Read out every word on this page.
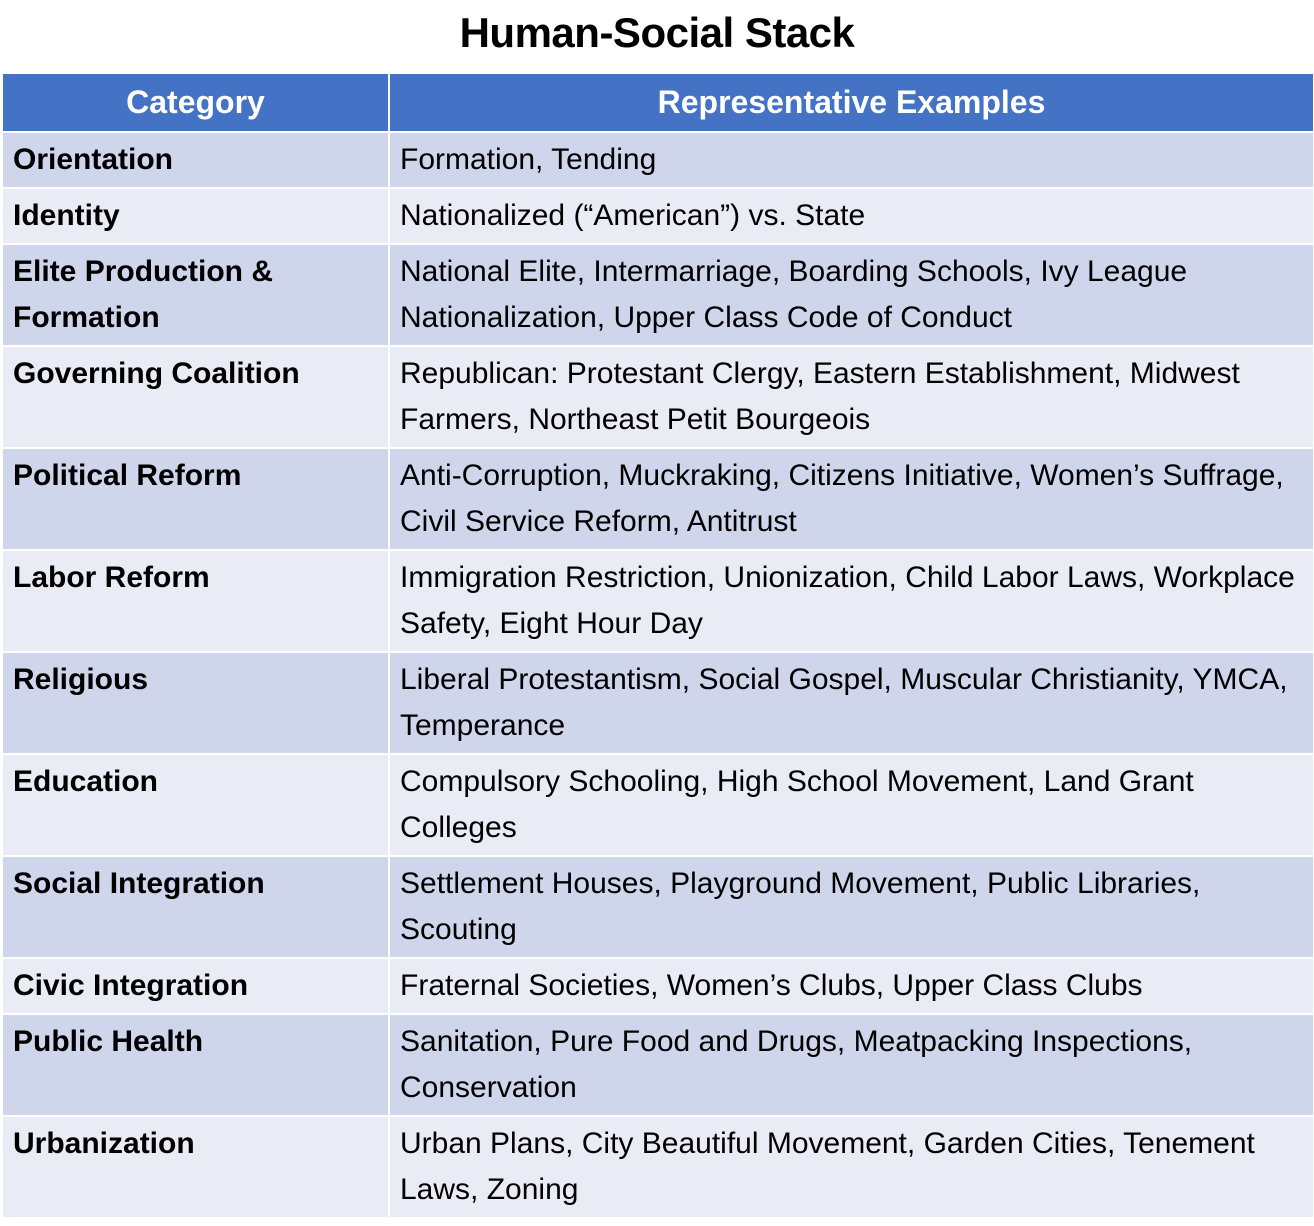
Human-Social Stack
Category	Representative Examples
Orientation	Formation, Tending
Identity	Nationalized (“American”) vs. State
Elite Production & Formation	National Elite, Intermarriage, Boarding Schools, Ivy League Nationalization, Upper Class Code of Conduct
Governing Coalition	Republican: Protestant Clergy, Eastern Establishment, Midwest Farmers, Northeast Petit Bourgeois
Political Reform	Anti-Corruption, Muckraking, Citizens Initiative, Women’s Suffrage, Civil Service Reform, Antitrust
Labor Reform	Immigration Restriction, Unionization, Child Labor Laws, Workplace Safety, Eight Hour Day
Religious	Liberal Protestantism, Social Gospel, Muscular Christianity, YMCA, Temperance
Education	Compulsory Schooling, High School Movement, Land Grant Colleges
Social Integration	Settlement Houses, Playground Movement, Public Libraries, Scouting
Civic Integration	Fraternal Societies, Women’s Clubs, Upper Class Clubs
Public Health	Sanitation, Pure Food and Drugs, Meatpacking Inspections, Conservation
Urbanization	Urban Plans, City Beautiful Movement, Garden Cities, Tenement Laws, Zoning
